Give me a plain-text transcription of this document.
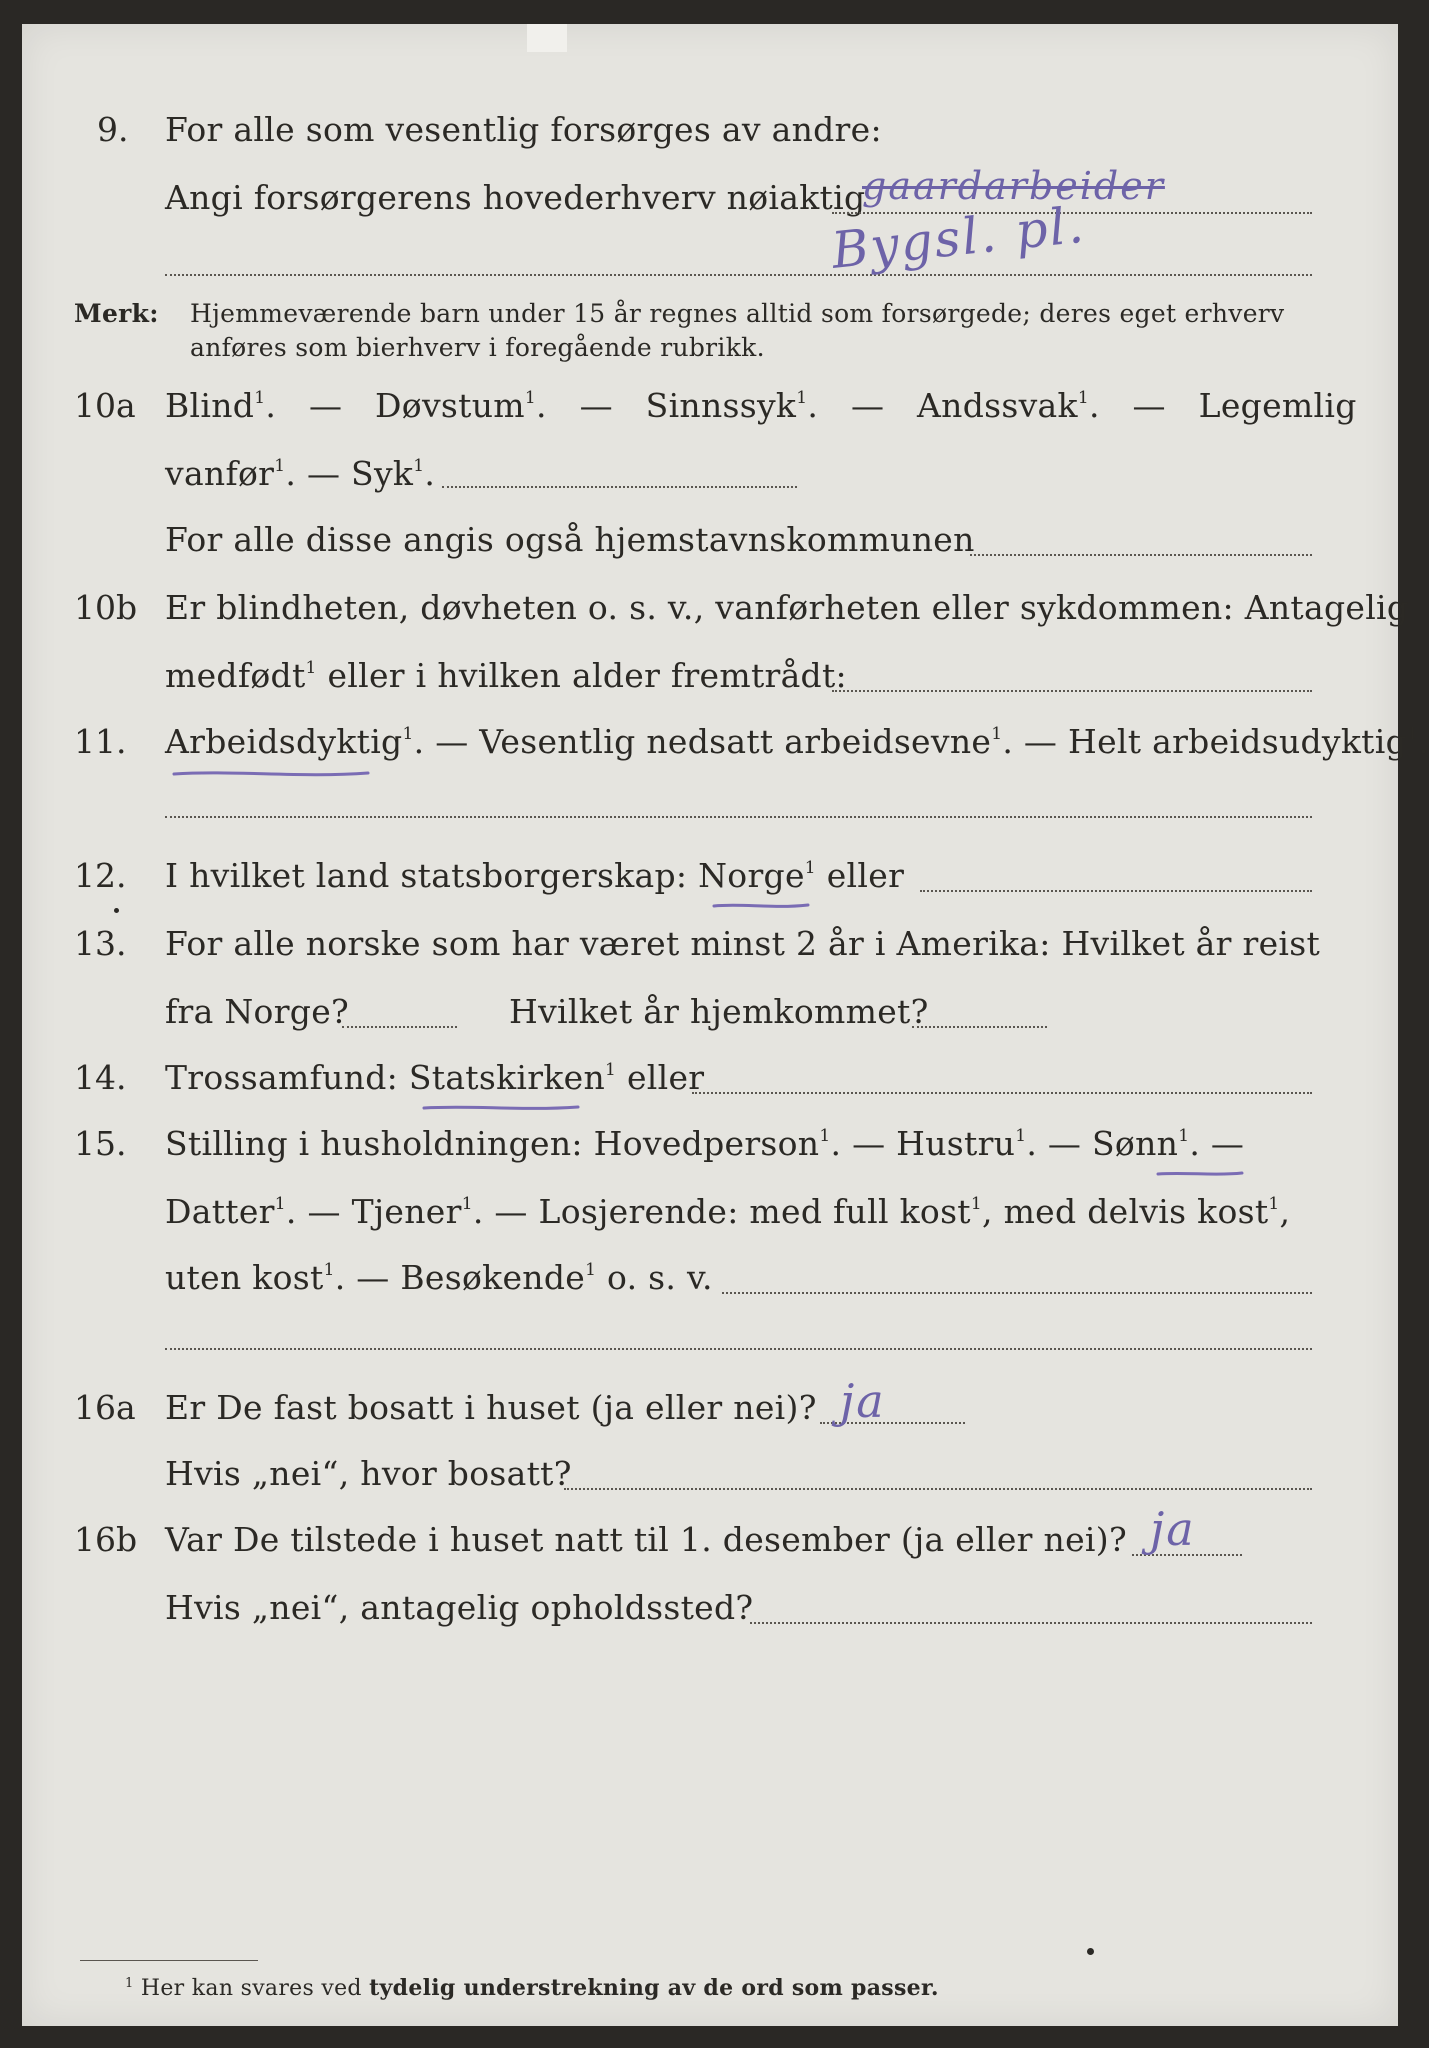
9. For alle som vesentlig forsørges av andre:
Angi forsørgerens hovederhverv nøiaktig
gaardarbeider
Bygsl. pl.
Merk: Hjemmeværende barn under 15 år regnes alltid som forsørgede; deres eget erhverv
anføres som bierhverv i foregående rubrikk.
10a Blind$^1$. — Døvstum$^1$. — Sinnssyk$^1$. — Andssvak$^1$. — Legemlig
vanfør$^1$. — Syk$^1$.
For alle disse angis også hjemstavnskommunen
10b Er blindheten, døvheten o. s. v., vanførheten eller sykdommen: Antagelig
medfødt$^1$ eller i hvilken alder fremtrådt:
11. Arbeidsdyktig$^1$. — Vesentlig nedsatt arbeidsevne$^1$. — Helt arbeidsudyktig$^1$.
12. I hvilket land statsborgerskap: Norge$^1$ eller
13. For alle norske som har været minst 2 år i Amerika: Hvilket år reist
fra Norge?	Hvilket år hjemkommet?
14. Trossamfund: Statskirken$^1$ eller
15. Stilling i husholdningen: Hovedperson$^1$. — Hustru$^1$. — Sønn$^1$. —
Datter$^1$. — Tjener$^1$. — Losjerende: med full kost$^1$, med delvis kost$^1$,
uten kost$^1$. — Besøkende$^1$ o. s. v.
16a Er De fast bosatt i huset (ja eller nei)? ja
Hvis „nei“, hvor bosatt?
16b Var De tilstede i huset natt til 1. desember (ja eller nei)? ja
Hvis „nei“, antagelig opholdssted?
$^1$ Her kan svares ved tydelig understrekning av de ord som passer.
